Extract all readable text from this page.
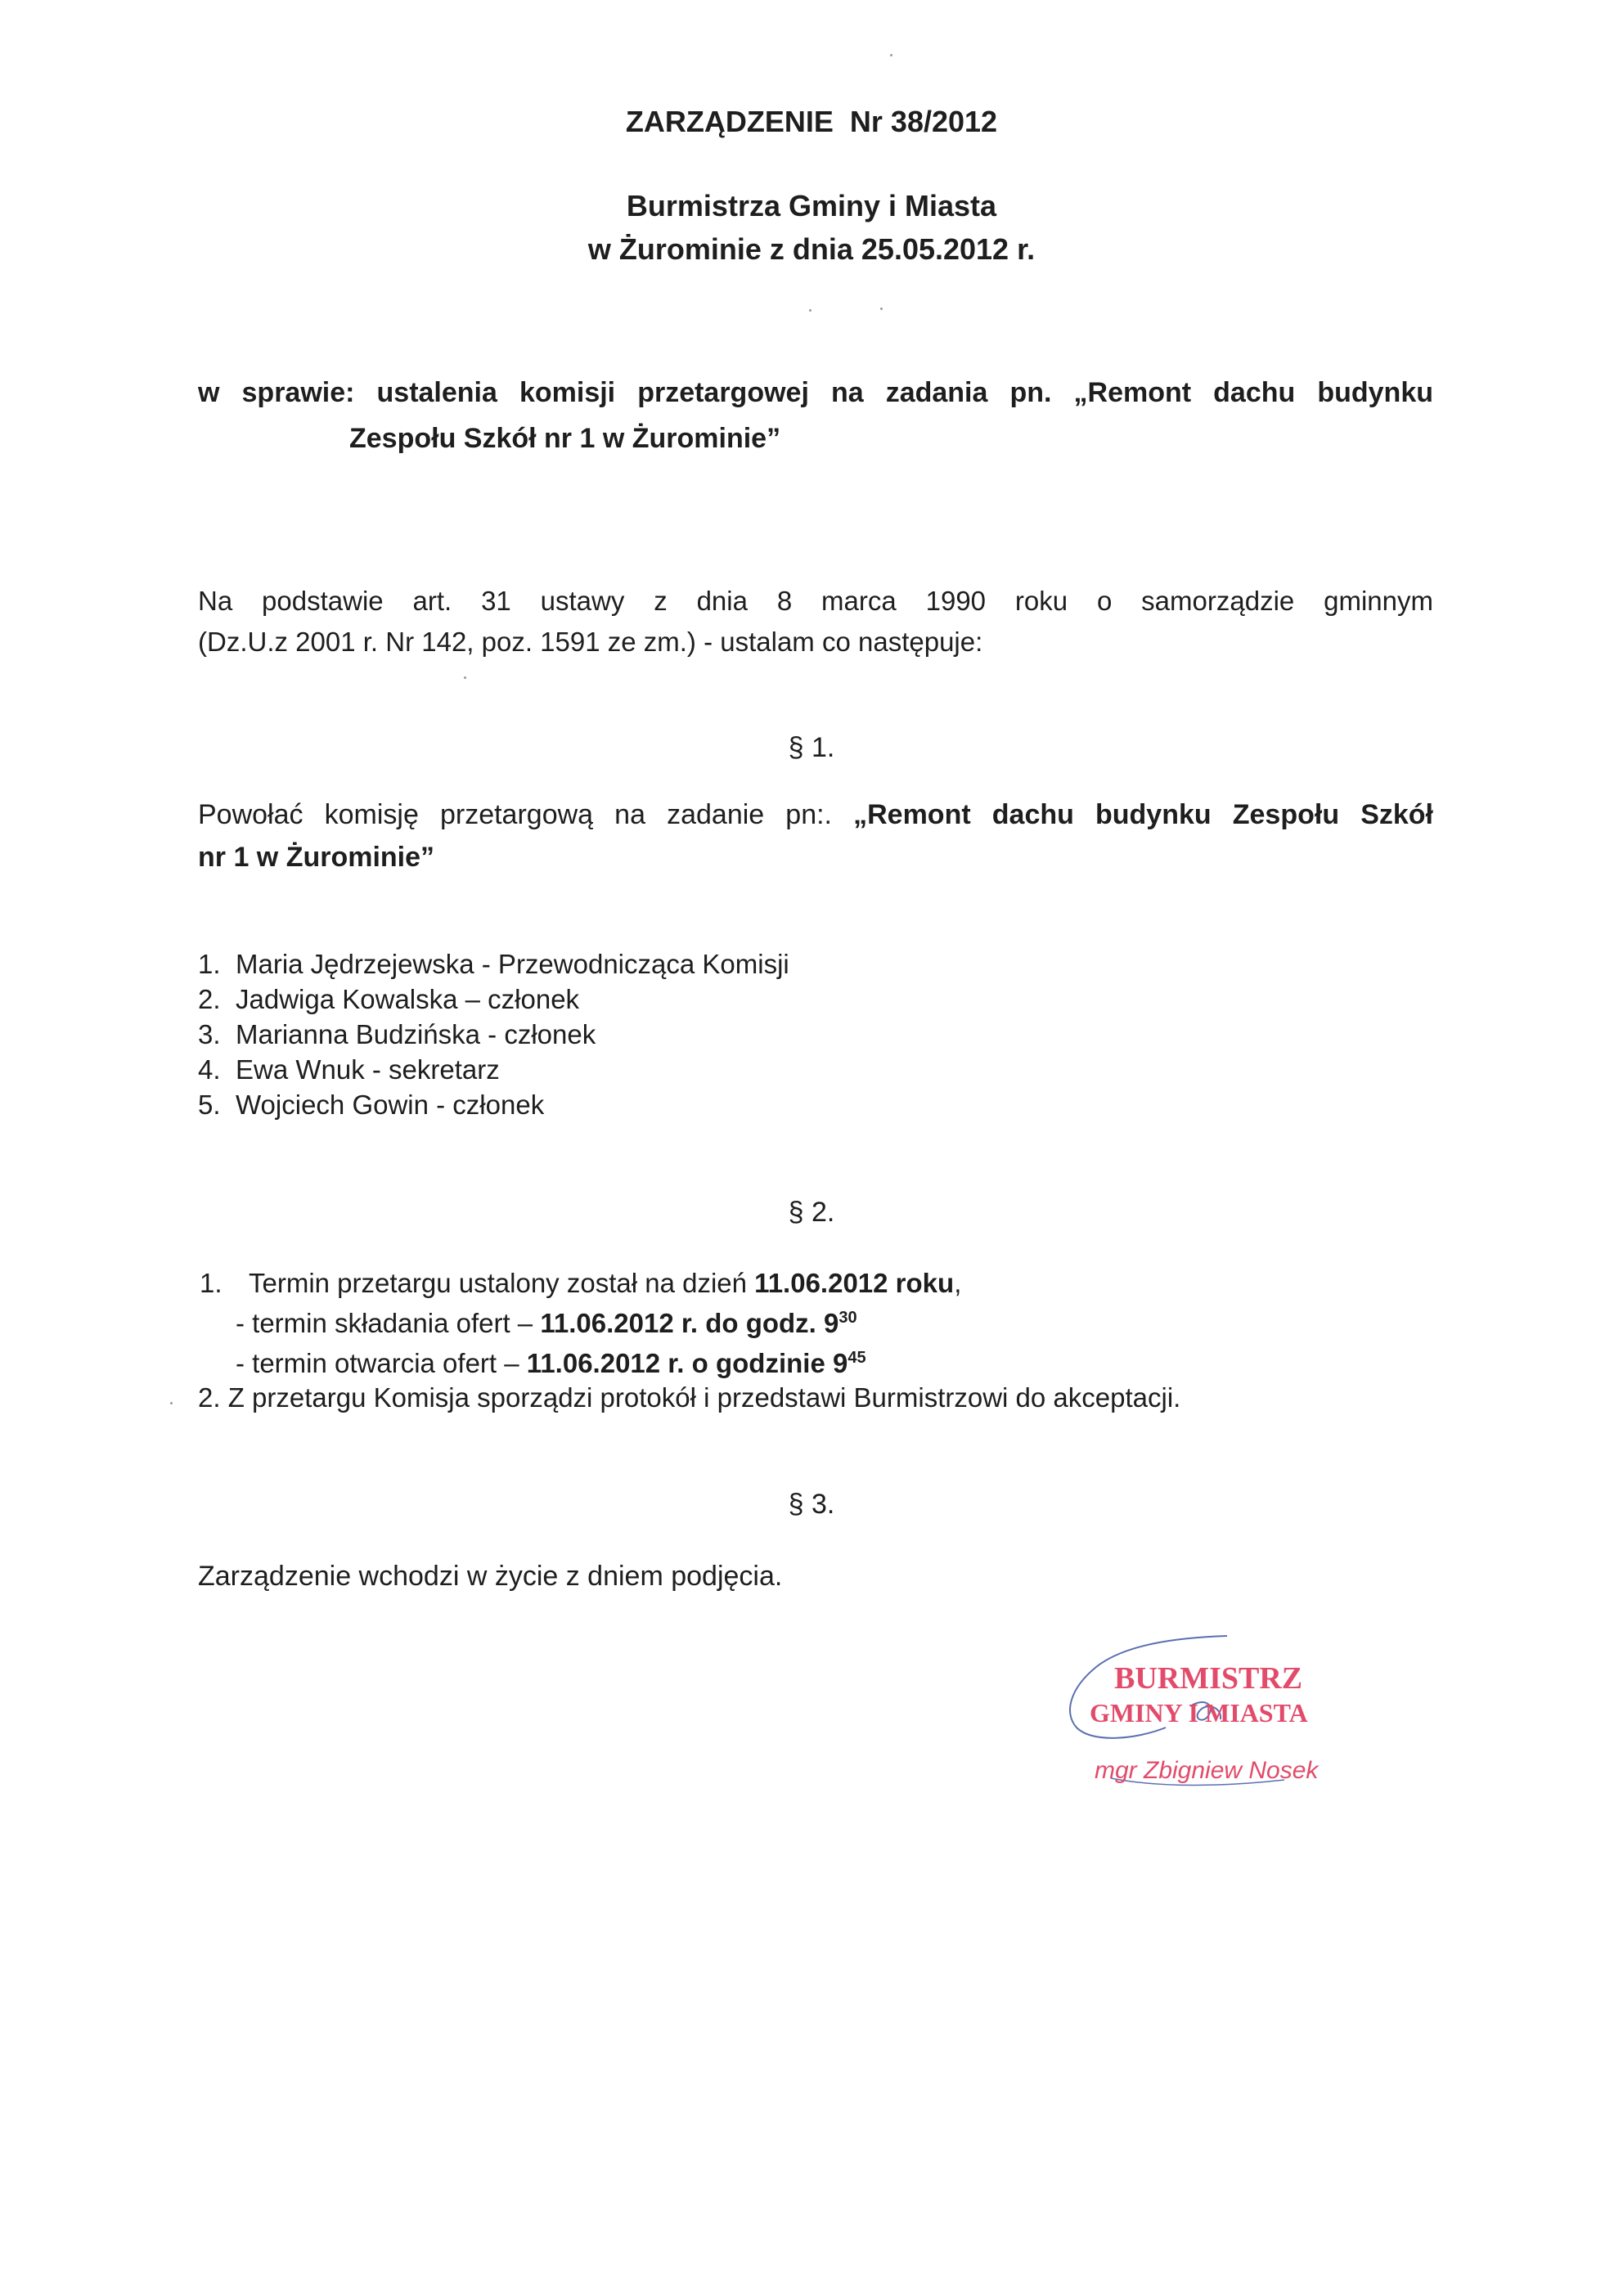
ZARZĄDZENIE  Nr 38/2012
Burmistrza Gminy i Miasta
w Żurominie z dnia 25.05.2012 r.
w sprawie: ustalenia komisji przetargowej na zadania pn. „Remont dachu budynku
Zespołu Szkół nr 1 w Żurominie”
Na podstawie art. 31 ustawy z dnia 8 marca 1990 roku o samorządzie gminnym
(Dz.U.z 2001 r. Nr 142, poz. 1591 ze zm.) - ustalam co następuje:
§ 1.
Powołać komisję przetargową na zadanie pn:. „Remont dachu budynku Zespołu Szkół
nr 1 w Żurominie”
1. Maria Jędrzejewska - Przewodnicząca Komisji
2. Jadwiga Kowalska – członek
3. Marianna Budzińska - członek
4. Ewa Wnuk - sekretarz
5. Wojciech Gowin - członek
§ 2.
1. Termin przetargu ustalony został na dzień 11.06.2012 roku,
- termin składania ofert – 11.06.2012 r. do godz. $9^{30}$
- termin otwarcia ofert – 11.06.2012 r. o godzinie $9^{45}$
2. Z przetargu Komisja sporządzi protokół i przedstawi Burmistrzowi do akceptacji.
§ 3.
Zarządzenie wchodzi w życie z dniem podjęcia.
BURMISTRZ
GMINY I MIASTA
mgr Zbigniew Nosek
